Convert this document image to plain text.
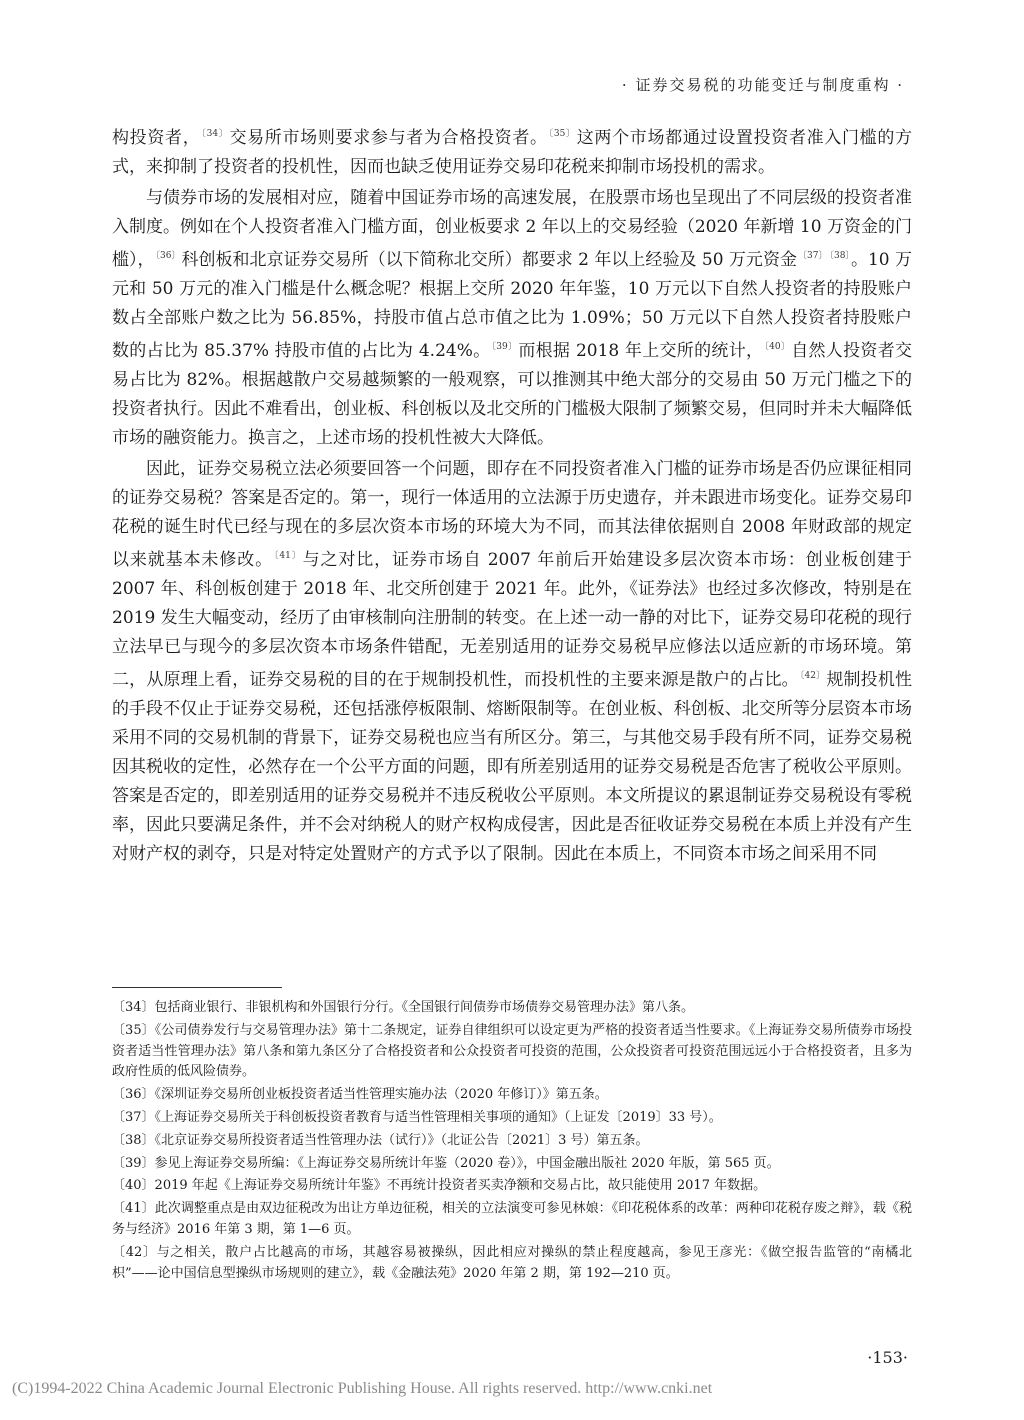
· 证券交易税的功能变迁与制度重构 ·

构投资者，$^{〔34〕}$交易所市场则要求参与者为合格投资者。$^{〔35〕}$这两个市场都通过设置投资者准入门槛的方式，来抑制了投资者的投机性，因而也缺乏使用证券交易印花税来抑制市场投机的需求。

与债券市场的发展相对应，随着中国证券市场的高速发展，在股票市场也呈现出了不同层级的投资者准入制度。例如在个人投资者准入门槛方面，创业板要求 2 年以上的交易经验（2020 年新增 10 万资金的门槛），$^{〔36〕}$科创板和北京证券交易所（以下简称北交所）都要求 2 年以上经验及 50 万元资金$^{〔37〕}$ $^{〔38〕}$。10 万元和 50 万元的准入门槛是什么概念呢？根据上交所 2020 年年鉴，10 万元以下自然人投资者的持股账户数占全部账户数之比为 56.85%，持股市值占总市值之比为 1.09%；50 万元以下自然人投资者持股账户数的占比为 85.37% 持股市值的占比为 4.24%。$^{〔39〕}$而根据 2018 年上交所的统计，$^{〔40〕}$自然人投资者交易占比为 82%。根据越散户交易越频繁的一般观察，可以推测其中绝大部分的交易由 50 万元门槛之下的投资者执行。因此不难看出，创业板、科创板以及北交所的门槛极大限制了频繁交易，但同时并未大幅降低市场的融资能力。换言之，上述市场的投机性被大大降低。

因此，证券交易税立法必须要回答一个问题，即存在不同投资者准入门槛的证券市场是否仍应课征相同的证券交易税？答案是否定的。第一，现行一体适用的立法源于历史遗存，并未跟进市场变化。证券交易印花税的诞生时代已经与现在的多层次资本市场的环境大为不同，而其法律依据则自 2008 年财政部的规定以来就基本未修改。$^{〔41〕}$与之对比，证券市场自 2007 年前后开始建设多层次资本市场：创业板创建于 2007 年、科创板创建于 2018 年、北交所创建于 2021 年。此外，《证券法》也经过多次修改，特别是在 2019 发生大幅变动，经历了由审核制向注册制的转变。在上述一动一静的对比下，证券交易印花税的现行立法早已与现今的多层次资本市场条件错配，无差别适用的证券交易税早应修法以适应新的市场环境。第二，从原理上看，证券交易税的目的在于规制投机性，而投机性的主要来源是散户的占比。$^{〔42〕}$规制投机性的手段不仅止于证券交易税，还包括涨停板限制、熔断限制等。在创业板、科创板、北交所等分层资本市场采用不同的交易机制的背景下，证券交易税也应当有所区分。第三，与其他交易手段有所不同，证券交易税因其税收的定性，必然存在一个公平方面的问题，即有所差别适用的证券交易税是否危害了税收公平原则。答案是否定的，即差别适用的证券交易税并不违反税收公平原则。本文所提议的累退制证券交易税设有零税率，因此只要满足条件，并不会对纳税人的财产权构成侵害，因此是否征收证券交易税在本质上并没有产生对财产权的剥夺，只是对特定处置财产的方式予以了限制。因此在本质上，不同资本市场之间采用不同

〔34〕包括商业银行、非银机构和外国银行分行。《全国银行间债券市场债券交易管理办法》第八条。
〔35〕《公司债券发行与交易管理办法》第十二条规定，证券自律组织可以设定更为严格的投资者适当性要求。《上海证券交易所债券市场投资者适当性管理办法》第八条和第九条区分了合格投资者和公众投资者可投资的范围，公众投资者可投资范围远远小于合格投资者，且多为政府性质的低风险债券。
〔36〕《深圳证券交易所创业板投资者适当性管理实施办法（2020 年修订）》第五条。
〔37〕《上海证券交易所关于科创板投资者教育与适当性管理相关事项的通知》（上证发〔2019〕33 号）。
〔38〕《北京证券交易所投资者适当性管理办法（试行）》（北证公告〔2021〕3 号）第五条。
〔39〕参见上海证券交易所编：《上海证券交易所统计年鉴（2020 卷）》，中国金融出版社 2020 年版，第 565 页。
〔40〕2019 年起《上海证券交易所统计年鉴》不再统计投资者买卖净额和交易占比，故只能使用 2017 年数据。
〔41〕此次调整重点是由双边征税改为出让方单边征税，相关的立法演变可参见林娘：《印花税体系的改革：两种印花税存废之辩》，载《税务与经济》2016 年第 3 期，第 1—6 页。
〔42〕与之相关，散户占比越高的市场，其越容易被操纵，因此相应对操纵的禁止程度越高，参见王彦光：《做空报告监管的“南橘北枳”——论中国信息型操纵市场规则的建立》，载《金融法苑》2020 年第 2 期，第 192—210 页。
·153·
(C)1994-2022 China Academic Journal Electronic Publishing House. All rights reserved. http://www.cnki.net
